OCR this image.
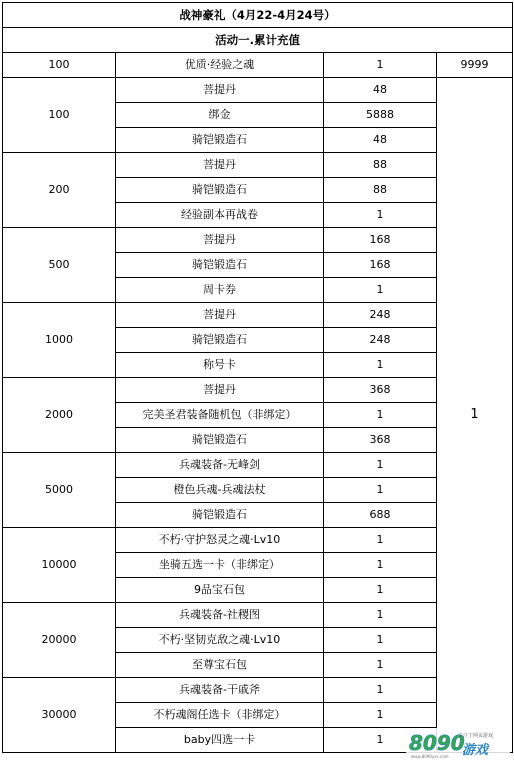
战神豪礼（4月22-4月24号）			
活动一.累计充值			
100	优质·经验之魂	1	9999
100	菩提丹	48	1
	绑金	5888	
	骑铠锻造石	48	
200	菩提丹	88	
	骑铠锻造石	88	
	经验副本再战卷	1	
500	菩提丹	168	
	骑铠锻造石	168	
	周卡券	1	
1000	菩提丹	248	
	骑铠锻造石	248	
	称号卡	1	
2000	菩提丹	368	
	完美圣君装备随机包（非绑定）	1	
	骑铠锻造石	368	
5000	兵魂装备-无峰剑	1	
	橙色兵魂-兵魂法杖	1	
	骑铠锻造石	688	
10000	不朽·守护怒灵之魂·Lv10	1	
	坐骑五选一卡（非绑定）	1	
	9品宝石包	1	
20000	兵魂装备-社稷图	1	
	不朽·坚韧克敌之魂·Lv10	1	
	至尊宝石包	1	
30000	兵魂装备-干戚斧	1	
	不朽魂阁任选卡（非绑定）	1	
	baby四选一卡	1	8090
专注于网页游戏
游戏
www.8090yxs.com
